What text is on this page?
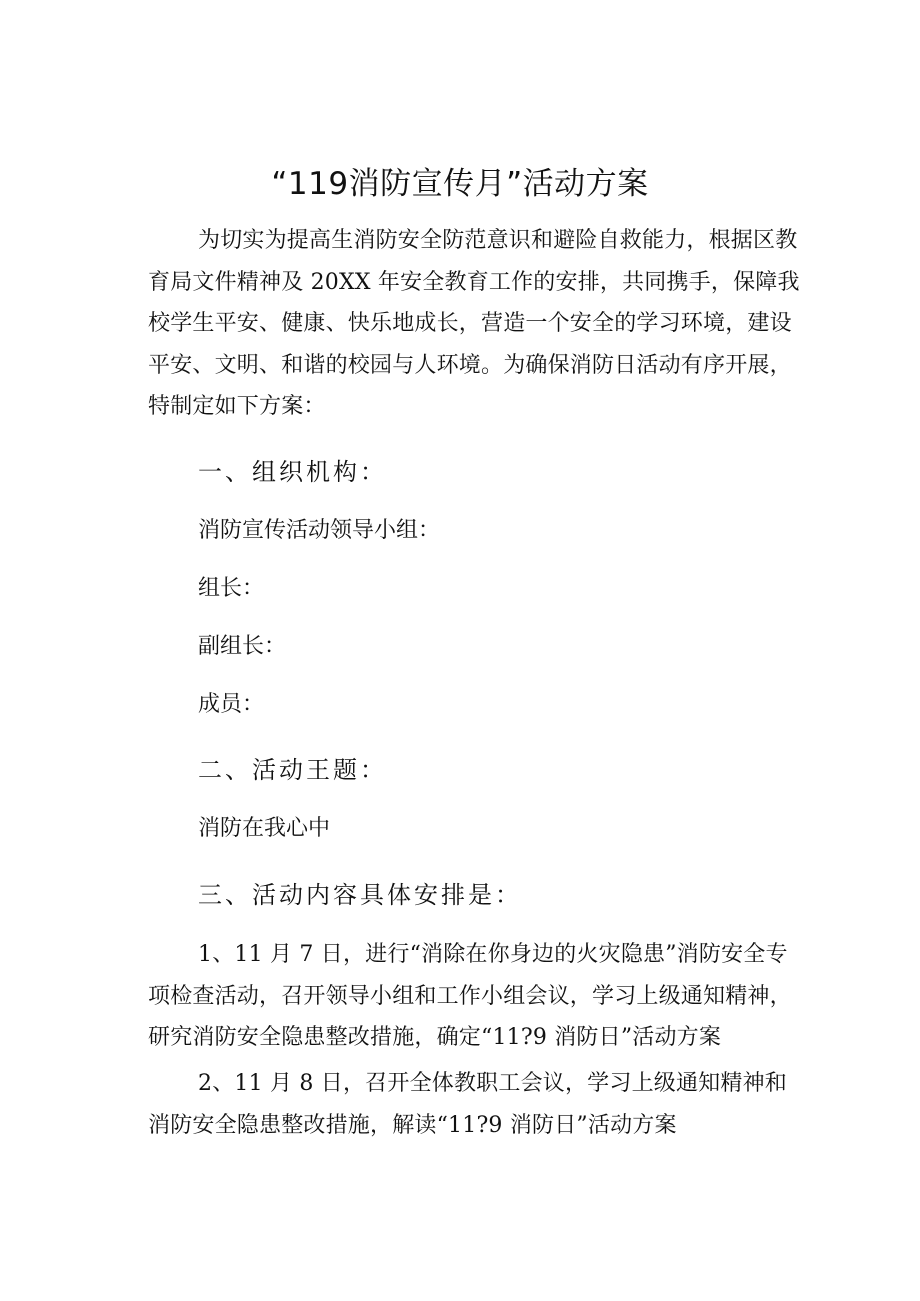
“119消防宣传月”活动方案
为切实为提高生消防安全防范意识和避险自救能力，根据区教
育局文件精神及 20XX 年安全教育工作的安排，共同携手，保障我
校学生平安、健康、快乐地成长，营造一个安全的学习环境，建设
平安、文明、和谐的校园与人环境。为确保消防日活动有序开展，
特制定如下方案：
一、组织机构：
消防宣传活动领导小组：
组长：
副组长：
成员：
二、活动王题：
消防在我心中
三、活动内容具体安排是：
1、11 月 7 日，进行“消除在你身边的火灾隐患”消防安全专
项检查活动，召开领导小组和工作小组会议，学习上级通知精神，
研究消防安全隐患整改措施，确定“11?9 消防日”活动方案
2、11 月 8 日，召开全体教职工会议，学习上级通知精神和
消防安全隐患整改措施，解读“11?9 消防日”活动方案
